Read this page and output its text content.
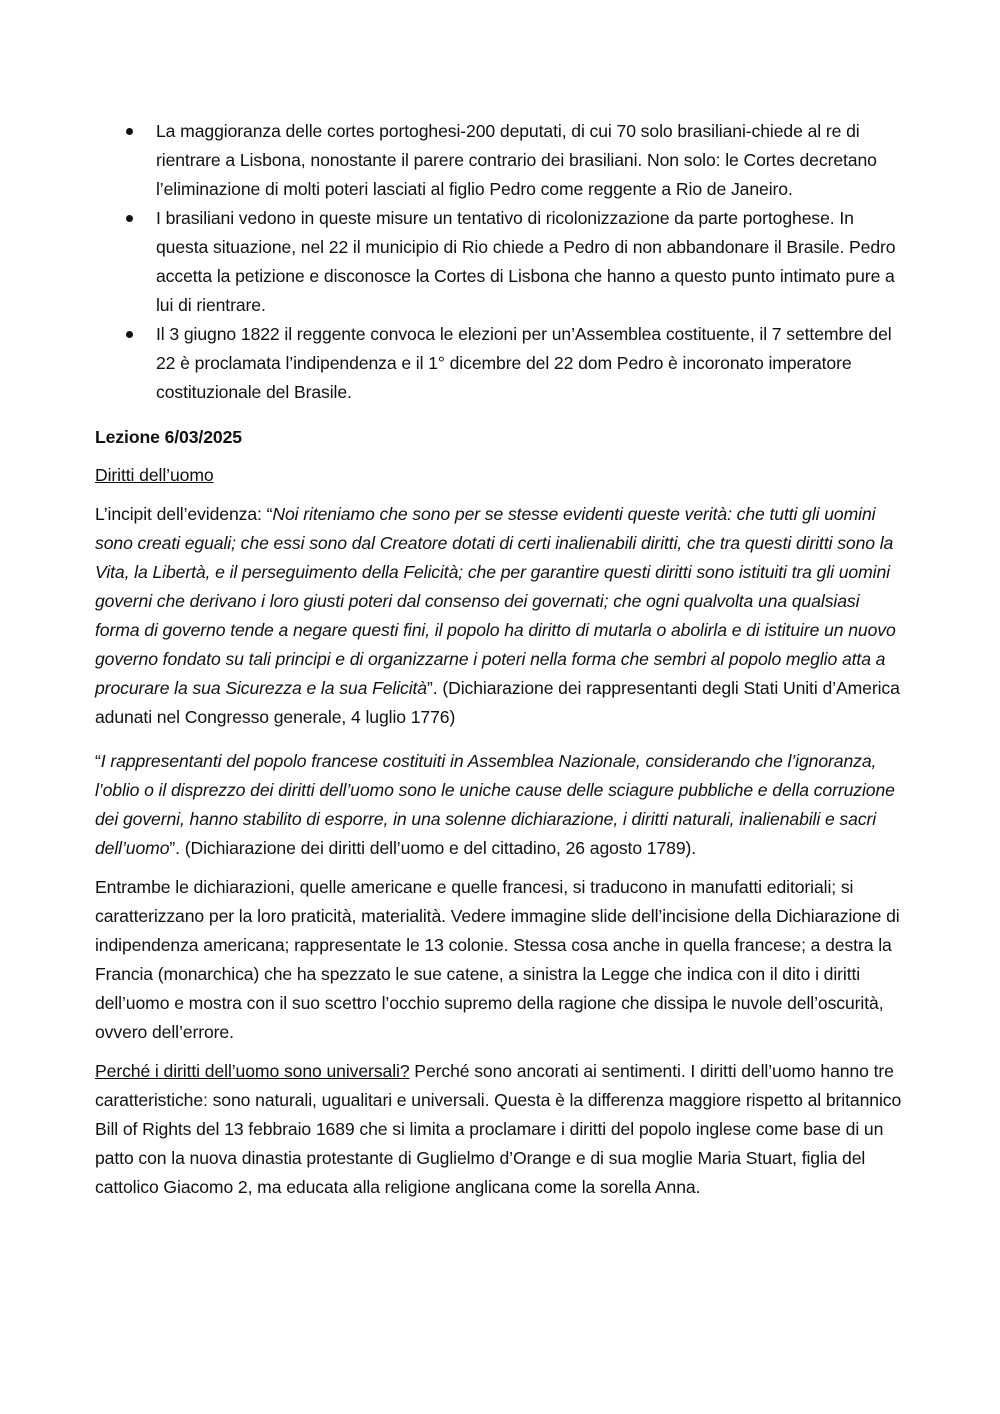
La maggioranza delle cortes portoghesi-200 deputati, di cui 70 solo brasiliani-chiede al re di rientrare a Lisbona, nonostante il parere contrario dei brasiliani. Non solo: le Cortes decretano l’eliminazione di molti poteri lasciati al figlio Pedro come reggente a Rio de Janeiro.
I brasiliani vedono in queste misure un tentativo di ricolonizzazione da parte portoghese. In questa situazione, nel 22 il municipio di Rio chiede a Pedro di non abbandonare il Brasile. Pedro accetta la petizione e disconosce la Cortes di Lisbona che hanno a questo punto intimato pure a lui di rientrare.
Il 3 giugno 1822 il reggente convoca le elezioni per un’Assemblea costituente, il 7 settembre del 22 è proclamata l’indipendenza e il 1° dicembre del 22 dom Pedro è incoronato imperatore costituzionale del Brasile.
Lezione 6/03/2025
Diritti dell’uomo

L’incipit dell’evidenza: “Noi riteniamo che sono per se stesse evidenti queste verità: che tutti gli uomini sono creati eguali; che essi sono dal Creatore dotati di certi inalienabili diritti, che tra questi diritti sono la Vita, la Libertà, e il perseguimento della Felicità; che per garantire questi diritti sono istituiti tra gli uomini governi che derivano i loro giusti poteri dal consenso dei governati; che ogni qualvolta una qualsiasi forma di governo tende a negare questi fini, il popolo ha diritto di mutarla o abolirla e di istituire un nuovo governo fondato su tali principi e di organizzarne i poteri nella forma che sembri al popolo meglio atta a procurare la sua Sicurezza e la sua Felicità”. (Dichiarazione dei rappresentanti degli Stati Uniti d’America adunati nel Congresso generale, 4 luglio 1776)

“I rappresentanti del popolo francese costituiti in Assemblea Nazionale, considerando che l’ignoranza, l’oblio o il disprezzo dei diritti dell’uomo sono le uniche cause delle sciagure pubbliche e della corruzione dei governi, hanno stabilito di esporre, in una solenne dichiarazione, i diritti naturali, inalienabili e sacri dell’uomo”. (Dichiarazione dei diritti dell’uomo e del cittadino, 26 agosto 1789).

Entrambe le dichiarazioni, quelle americane e quelle francesi, si traducono in manufatti editoriali; si caratterizzano per la loro praticità, materialità. Vedere immagine slide dell’incisione della Dichiarazione di indipendenza americana; rappresentate le 13 colonie. Stessa cosa anche in quella francese; a destra la Francia (monarchica) che ha spezzato le sue catene, a sinistra la Legge che indica con il dito i diritti dell’uomo e mostra con il suo scettro l’occhio supremo della ragione che dissipa le nuvole dell’oscurità, ovvero dell’errore.

Perché i diritti dell’uomo sono universali? Perché sono ancorati ai sentimenti. I diritti dell’uomo hanno tre caratteristiche: sono naturali, ugualitari e universali. Questa è la differenza maggiore rispetto al britannico Bill of Rights del 13 febbraio 1689 che si limita a proclamare i diritti del popolo inglese come base di un patto con la nuova dinastia protestante di Guglielmo d’Orange e di sua moglie Maria Stuart, figlia del cattolico Giacomo 2, ma educata alla religione anglicana come la sorella Anna.
